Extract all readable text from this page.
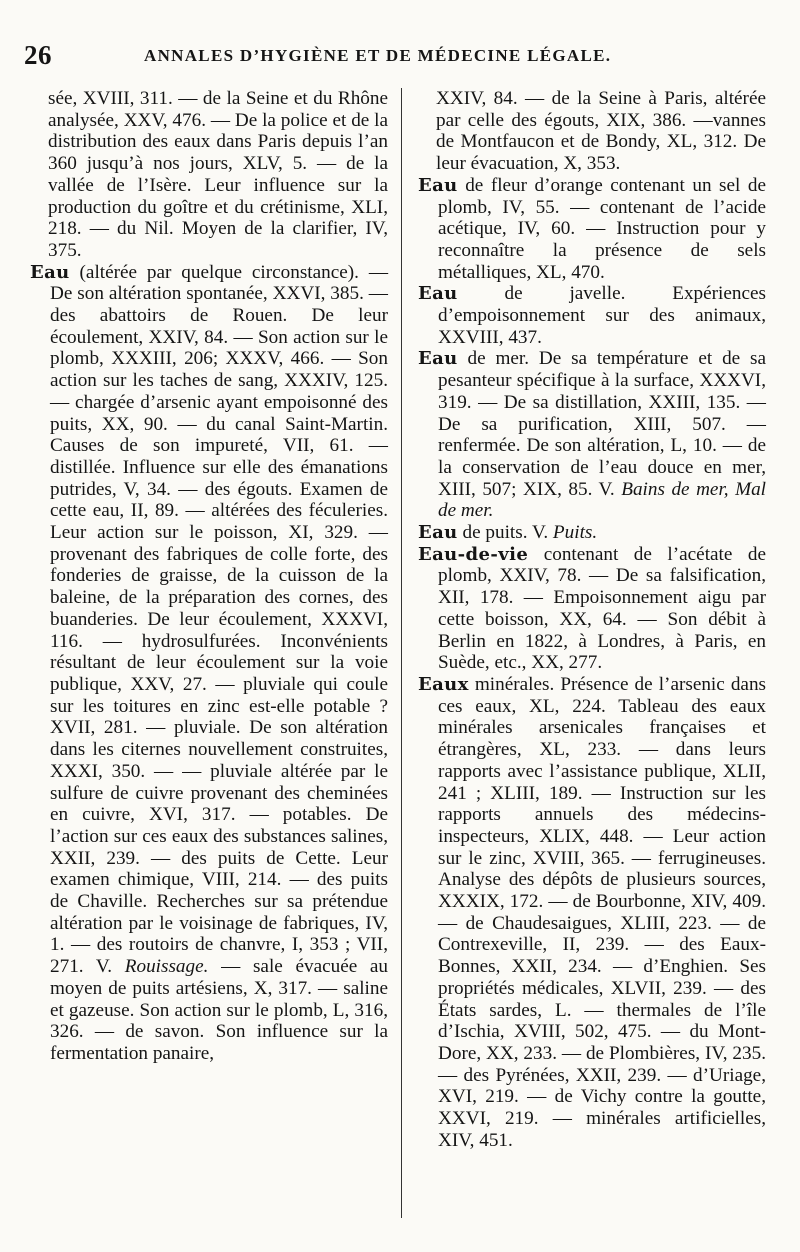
26	ANNALES D’HYGIÈNE ET DE MÉDECINE LÉGALE.

sée, XVIII, 311. — de la Seine et du Rhône analysée, XXV, 476. — De la police et de la distribution des eaux dans Paris depuis l’an 360 jusqu’à nos jours, XLV, 5. — de la vallée de l’Isère. Leur influence sur la production du goître et du crétinisme, XLI, 218. — du Nil. Moyen de la clarifier, IV, 375.

Eau (altérée par quelque circonstance). — De son altération spontanée, XXVI, 385. — des abattoirs de Rouen. De leur écoulement, XXIV, 84. — Son action sur le plomb, XXXIII, 206; XXXV, 466. — Son action sur les taches de sang, XXXIV, 125. — chargée d’arsenic ayant empoisonné des puits, XX, 90. — du canal Saint-Martin. Causes de son impureté, VII, 61. — distillée. Influence sur elle des émanations putrides, V, 34. — des égouts. Examen de cette eau, II, 89. — altérées des féculeries. Leur action sur le poisson, XI, 329. — provenant des fabriques de colle forte, des fonderies de graisse, de la cuisson de la baleine, de la préparation des cornes, des buanderies. De leur écoulement, XXXVI, 116. — hydrosulfurées. Inconvénients résultant de leur écoulement sur la voie publique, XXV, 27. — pluviale qui coule sur les toitures en zinc est-elle potable ? XVII, 281. — pluviale. De son altération dans les citernes nouvellement construites, XXXI, 350. — — pluviale altérée par le sulfure de cuivre provenant des cheminées en cuivre, XVI, 317. — potables. De l’action sur ces eaux des substances salines, XXII, 239. — des puits de Cette. Leur examen chimique, VIII, 214. — des puits de Chaville. Recherches sur sa prétendue altération par le voisinage de fabriques, IV, 1. — des routoirs de chanvre, I, 353 ; VII, 271. V. Rouissage. — sale évacuée au moyen de puits artésiens, X, 317. — saline et gazeuse. Son action sur le plomb, L, 316, 326. — de savon. Son influence sur la fermentation panaire,

XXIV, 84. — de la Seine à Paris, altérée par celle des égouts, XIX, 386. —vannes de Montfaucon et de Bondy, XL, 312. De leur évacuation, X, 353.

Eau de fleur d’orange contenant un sel de plomb, IV, 55. — contenant de l’acide acétique, IV, 60. — Instruction pour y reconnaître la présence de sels métalliques, XL, 470.

Eau de javelle. Expériences d’empoisonnement sur des animaux, XXVIII, 437.

Eau de mer. De sa température et de sa pesanteur spécifique à la surface, XXXVI, 319. — De sa distillation, XXIII, 135. — De sa purification, XIII, 507. — renfermée. De son altération, L, 10. — de la conservation de l’eau douce en mer, XIII, 507; XIX, 85. V. Bains de mer, Mal de mer.

Eau de puits. V. Puits.

Eau-de-vie contenant de l’acétate de plomb, XXIV, 78. — De sa falsification, XII, 178. — Empoisonnement aigu par cette boisson, XX, 64. — Son débit à Berlin en 1822, à Londres, à Paris, en Suède, etc., XX, 277.

Eaux minérales. Présence de l’arsenic dans ces eaux, XL, 224. Tableau des eaux minérales arsenicales françaises et étrangères, XL, 233. — dans leurs rapports avec l’assistance publique, XLII, 241 ; XLIII, 189. — Instruction sur les rapports annuels des médecins-inspecteurs, XLIX, 448. — Leur action sur le zinc, XVIII, 365. — ferrugineuses. Analyse des dépôts de plusieurs sources, XXXIX, 172. — de Bourbonne, XIV, 409. — de Chaudesaigues, XLIII, 223. — de Contrexeville, II, 239. — des Eaux-Bonnes, XXII, 234. — d’Enghien. Ses propriétés médicales, XLVII, 239. — des États sardes, L. — thermales de l’île d’Ischia, XVIII, 502, 475. — du Mont-Dore, XX, 233. — de Plombières, IV, 235. — des Pyrénées, XXII, 239. — d’Uriage, XVI, 219. — de Vichy contre la goutte, XXVI, 219. — minérales artificielles, XIV, 451.
